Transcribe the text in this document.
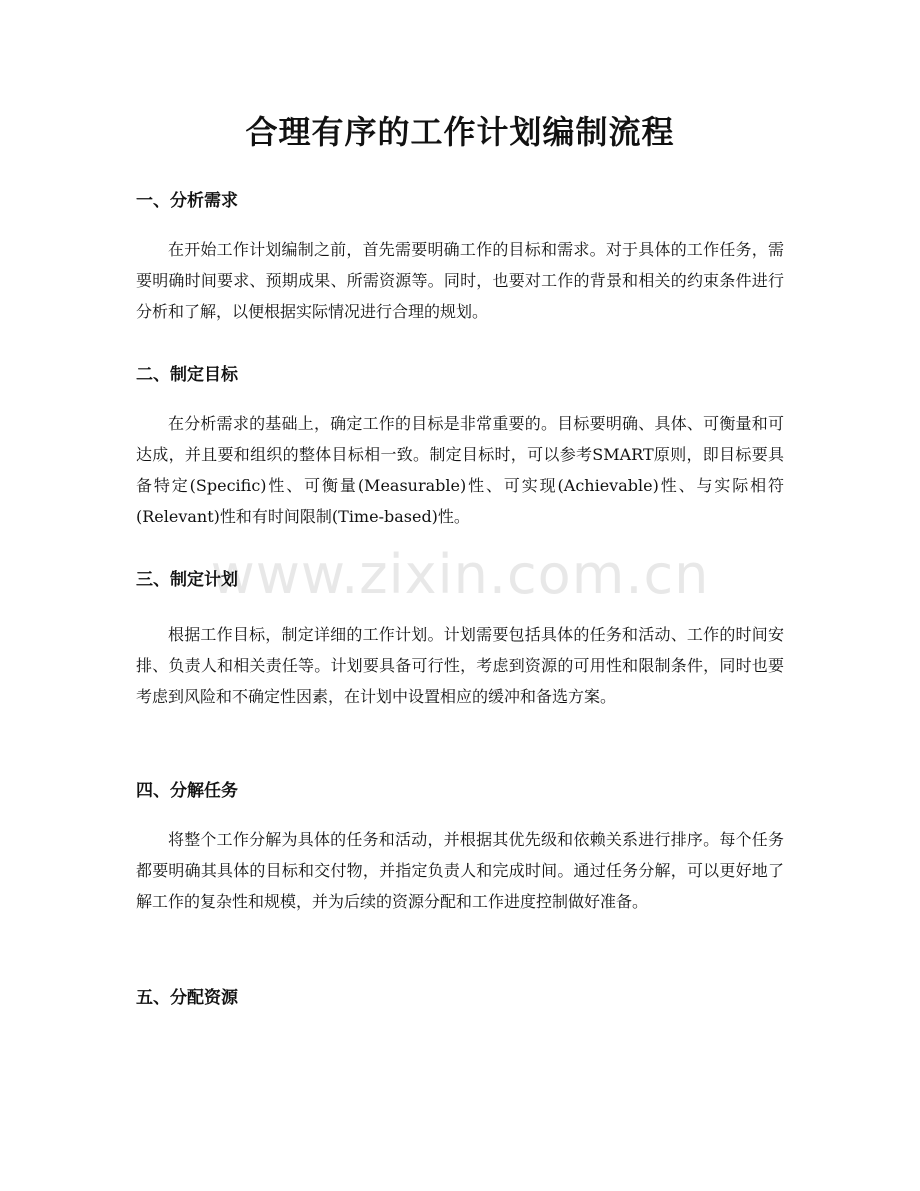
合理有序的工作计划编制流程
www.zixin.com.cn
一、分析需求

在开始工作计划编制之前，首先需要明确工作的目标和需求。对于具体的工作任务，需要明确时间要求、预期成果、所需资源等。同时，也要对工作的背景和相关的约束条件进行分析和了解，以便根据实际情况进行合理的规划。

二、制定目标

在分析需求的基础上，确定工作的目标是非常重要的。目标要明确、具体、可衡量和可达成，并且要和组织的整体目标相一致。制定目标时，可以参考SMART原则，即目标要具备特定(Specific)性、可衡量(Measurable)性、可实现(Achievable)性、与实际相符(Relevant)性和有时间限制(Time-based)性。

三、制定计划

根据工作目标，制定详细的工作计划。计划需要包括具体的任务和活动、工作的时间安排、负责人和相关责任等。计划要具备可行性，考虑到资源的可用性和限制条件，同时也要考虑到风险和不确定性因素，在计划中设置相应的缓冲和备选方案。

四、分解任务

将整个工作分解为具体的任务和活动，并根据其优先级和依赖关系进行排序。每个任务都要明确其具体的目标和交付物，并指定负责人和完成时间。通过任务分解，可以更好地了解工作的复杂性和规模，并为后续的资源分配和工作进度控制做好准备。

五、分配资源
